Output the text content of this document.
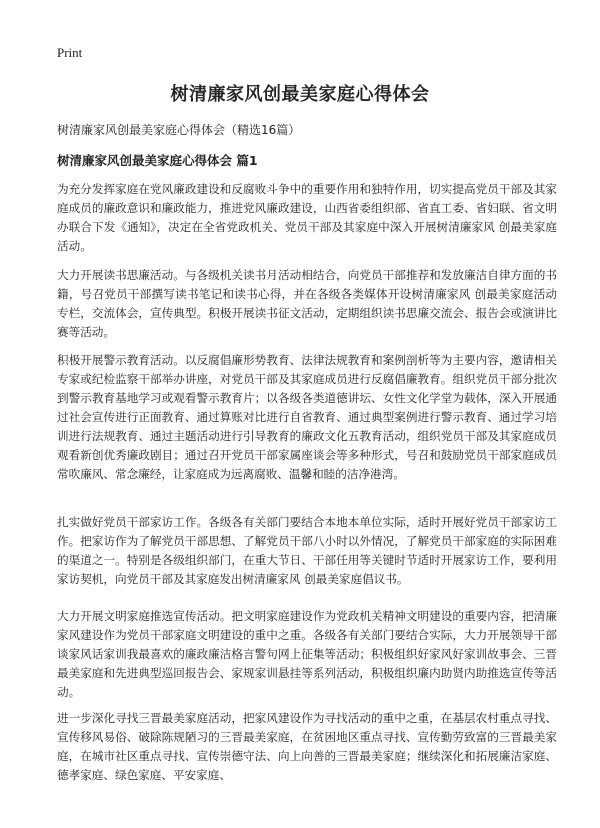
Print
树清廉家风创最美家庭心得体会

树清廉家风创最美家庭心得体会（精选16篇）

树清廉家风创最美家庭心得体会 篇1

为充分发挥家庭在党风廉政建设和反腐败斗争中的重要作用和独特作用，切实提高党员干部及其家庭成员的廉政意识和廉政能力，推进党风廉政建设，山西省委组织部、省直工委、省妇联、省文明办联合下发《通知》，决定在全省党政机关、党员干部及其家庭中深入开展树清廉家风 创最美家庭活动。

大力开展读书思廉活动。与各级机关读书月活动相结合，向党员干部推荐和发放廉洁自律方面的书籍，号召党员干部撰写读书笔记和读书心得，并在各级各类媒体开设树清廉家风 创最美家庭活动专栏，交流体会，宣传典型。积极开展读书征文活动，定期组织读书思廉交流会、报告会或演讲比赛等活动。

积极开展警示教育活动。以反腐倡廉形势教育、法律法规教育和案例剖析等为主要内容，邀请相关专家或纪检监察干部举办讲座，对党员干部及其家庭成员进行反腐倡廉教育。组织党员干部分批次到警示教育基地学习或观看警示教育片；以各级各类道德讲坛、女性文化学堂为载体，深入开展通过社会宣传进行正面教育、通过算账对比进行自省教育、通过典型案例进行警示教育、通过学习培训进行法规教育、通过主题活动进行引导教育的廉政文化五教育活动，组织党员干部及其家庭成员观看新创优秀廉政剧目；通过召开党员干部家属座谈会等多种形式，号召和鼓励党员干部家庭成员常吹廉风、常念廉经，让家庭成为远离腐败、温馨和睦的洁净港湾。

扎实做好党员干部家访工作。各级各有关部门要结合本地本单位实际，适时开展好党员干部家访工作。把家访作为了解党员干部思想、了解党员干部八小时以外情况，了解党员干部家庭的实际困难的渠道之一。特别是各级组织部门，在重大节日、干部任用等关键时节适时开展家访工作，要利用家访契机，向党员干部及其家庭发出树清廉家风 创最美家庭倡议书。

大力开展文明家庭推选宣传活动。把文明家庭建设作为党政机关精神文明建设的重要内容，把清廉家风建设作为党员干部家庭文明建设的重中之重。各级各有关部门要结合实际，大力开展领导干部谈家风话家训我最喜欢的廉政廉洁格言警句网上征集等活动；积极组织好家风好家训故事会、三晋最美家庭和先进典型巡回报告会、家规家训悬挂等系列活动，积极组织廉内助贤内助推选宣传等活动。

进一步深化寻找三晋最美家庭活动，把家风建设作为寻找活动的重中之重，在基层农村重点寻找、宣传移风易俗、破除陈规陋习的三晋最美家庭，在贫困地区重点寻找、宣传勤劳致富的三晋最美家庭，在城市社区重点寻找、宣传崇德守法、向上向善的三晋最美家庭；继续深化和拓展廉洁家庭、德孝家庭、绿色家庭、平安家庭、
